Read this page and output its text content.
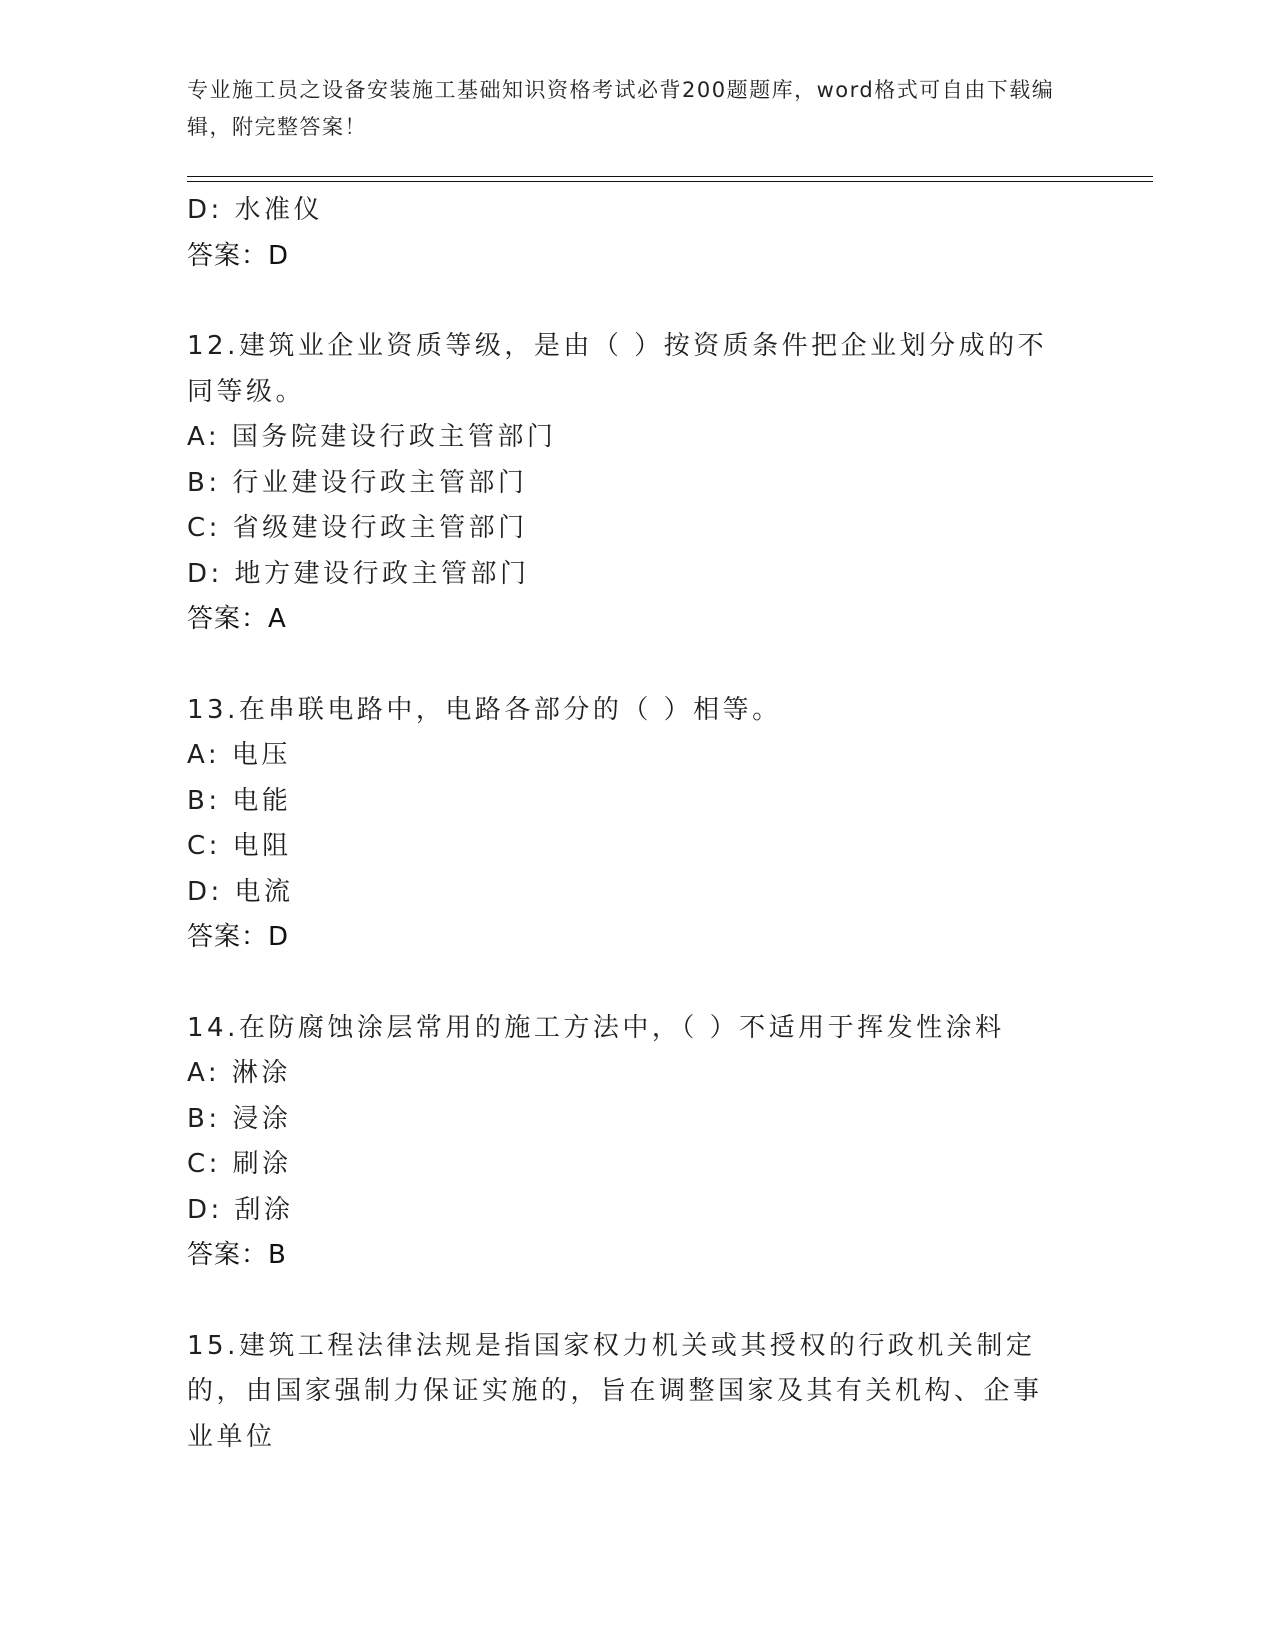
专业施工员之设备安装施工基础知识资格考试必背200题题库，word格式可自由下载编辑，附完整答案！
D: 水准仪
答案：D
12.建筑业企业资质等级，是由（ ）按资质条件把企业划分成的不同等级。
A: 国务院建设行政主管部门
B: 行业建设行政主管部门
C: 省级建设行政主管部门
D: 地方建设行政主管部门
答案：A
13.在串联电路中，电路各部分的（ ）相等。
A: 电压
B: 电能
C: 电阻
D: 电流
答案：D
14.在防腐蚀涂层常用的施工方法中，（ ）不适用于挥发性涂料
A: 淋涂
B: 浸涂
C: 刷涂
D: 刮涂
答案：B
15.建筑工程法律法规是指国家权力机关或其授权的行政机关制定的，由国家强制力保证实施的，旨在调整国家及其有关机构、企事业单位
